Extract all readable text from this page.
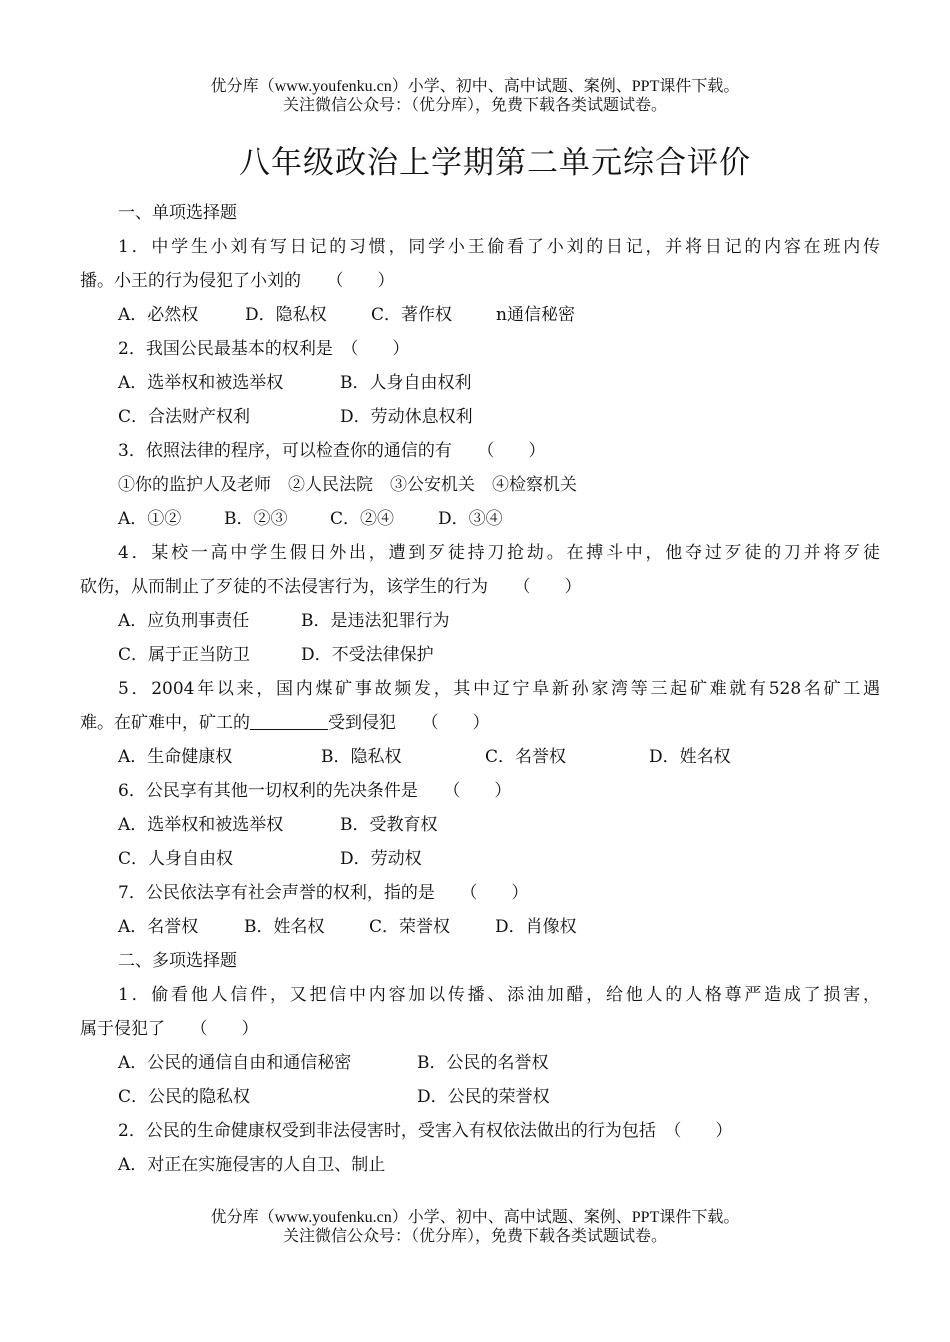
优分库（www.youfenku.cn）小学、初中、高中试题、案例、PPT课件下载。
关注微信公众号：（优分库），免费下载各类试题试卷。
八年级政治上学期第二单元综合评价
一、单项选择题
1．中学生小刘有写日记的习惯，同学小王偷看了小刘的日记，并将日记的内容在班内传
播。小王的行为侵犯了小刘的　　（　　）
A．必然权	D．隐私权	C．著作权	n通信秘密
2．我国公民最基本的权利是　（　　）
A．选举权和被选举权	B．人身自由权利
C．合法财产权利	D．劳动休息权利
3．依照法律的程序，可以检查你的通信的有　　（　　）
①你的监护人及老师　②人民法院　③公安机关　④检察机关
A．①②	B．②③	C．②④	D．③④
4．某校一高中学生假日外出，遭到歹徒持刀抢劫。在搏斗中，他夺过歹徒的刀并将歹徒
砍伤，从而制止了歹徒的不法侵害行为，该学生的行为　　（　　）
A．应负刑事责任	B．是违法犯罪行为
C．属于正当防卫	D．不受法律保护
5．2004年以来，国内煤矿事故频发，其中辽宁阜新孙家湾等三起矿难就有528名矿工遇
难。在矿难中，矿工的	受到侵犯　　（　　）
A．生命健康权	B．隐私权	C．名誉权	D．姓名权
6．公民享有其他一切权利的先决条件是　　（　　）
A．选举权和被选举权	B．受教育权
C．人身自由权	D．劳动权
7．公民依法享有社会声誉的权利，指的是　　（　　）
A．名誉权	B．姓名权	C．荣誉权	D．肖像权
二、多项选择题
1．偷看他人信件，又把信中内容加以传播、添油加醋，给他人的人格尊严造成了损害，
属于侵犯了　　（　　）
A．公民的通信自由和通信秘密	B．公民的名誉权
C．公民的隐私权	D．公民的荣誉权
2．公民的生命健康权受到非法侵害时，受害入有权依法做出的行为包括　（　　）
A．对正在实施侵害的人自卫、制止
优分库（www.youfenku.cn）小学、初中、高中试题、案例、PPT课件下载。
关注微信公众号：（优分库），免费下载各类试题试卷。
